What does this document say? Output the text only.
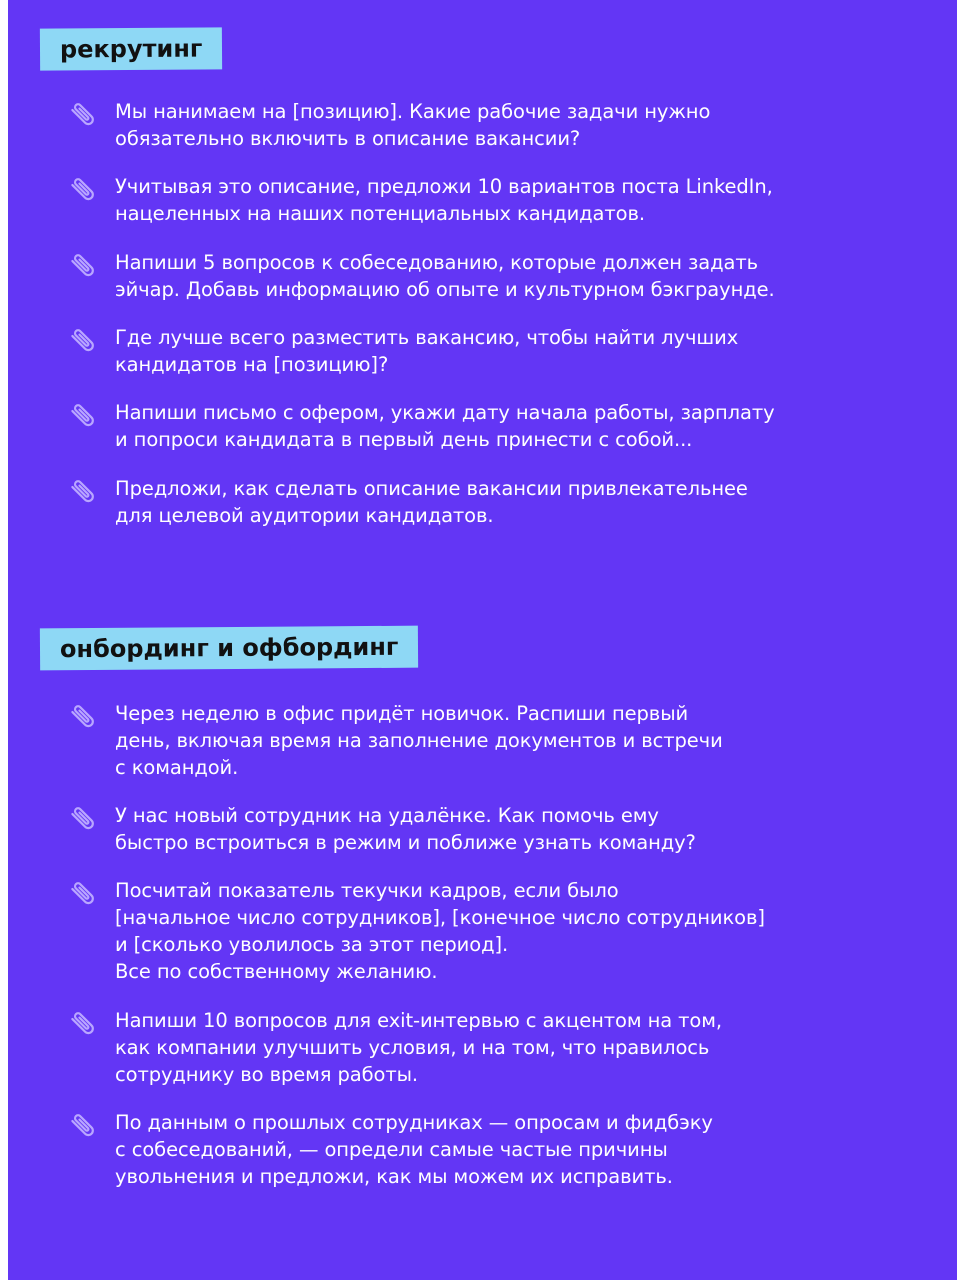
рекрутинг
Мы нанимаем на [позицию]. Какие рабочие задачи нужно
обязательно включить в описание вакансии?
Учитывая это описание, предложи 10 вариантов поста LinkedIn,
нацеленных на наших потенциальных кандидатов.
Напиши 5 вопросов к собеседованию, которые должен задать
эйчар. Добавь информацию об опыте и культурном бэкграунде.
Где лучше всего разместить вакансию, чтобы найти лучших
кандидатов на [позицию]?
Напиши письмо с офером, укажи дату начала работы, зарплату
и попроси кандидата в первый день принести с собой...
Предложи, как сделать описание вакансии привлекательнее
для целевой аудитории кандидатов.
онбординг и офбординг
Через неделю в офис придёт новичок. Распиши первый
день, включая время на заполнение документов и встречи
с командой.
У нас новый сотрудник на удалёнке. Как помочь ему
быстро встроиться в режим и поближе узнать команду?
Посчитай показатель текучки кадров, если было
[начальное число сотрудников], [конечное число сотрудников]
и [сколько уволилось за этот период].
Все по собственному желанию.
Напиши 10 вопросов для exit-интервью с акцентом на том,
как компании улучшить условия, и на том, что нравилось
сотруднику во время работы.
По данным о прошлых сотрудниках — опросам и фидбэку
с собеседований, — определи самые частые причины
увольнения и предложи, как мы можем их исправить.
